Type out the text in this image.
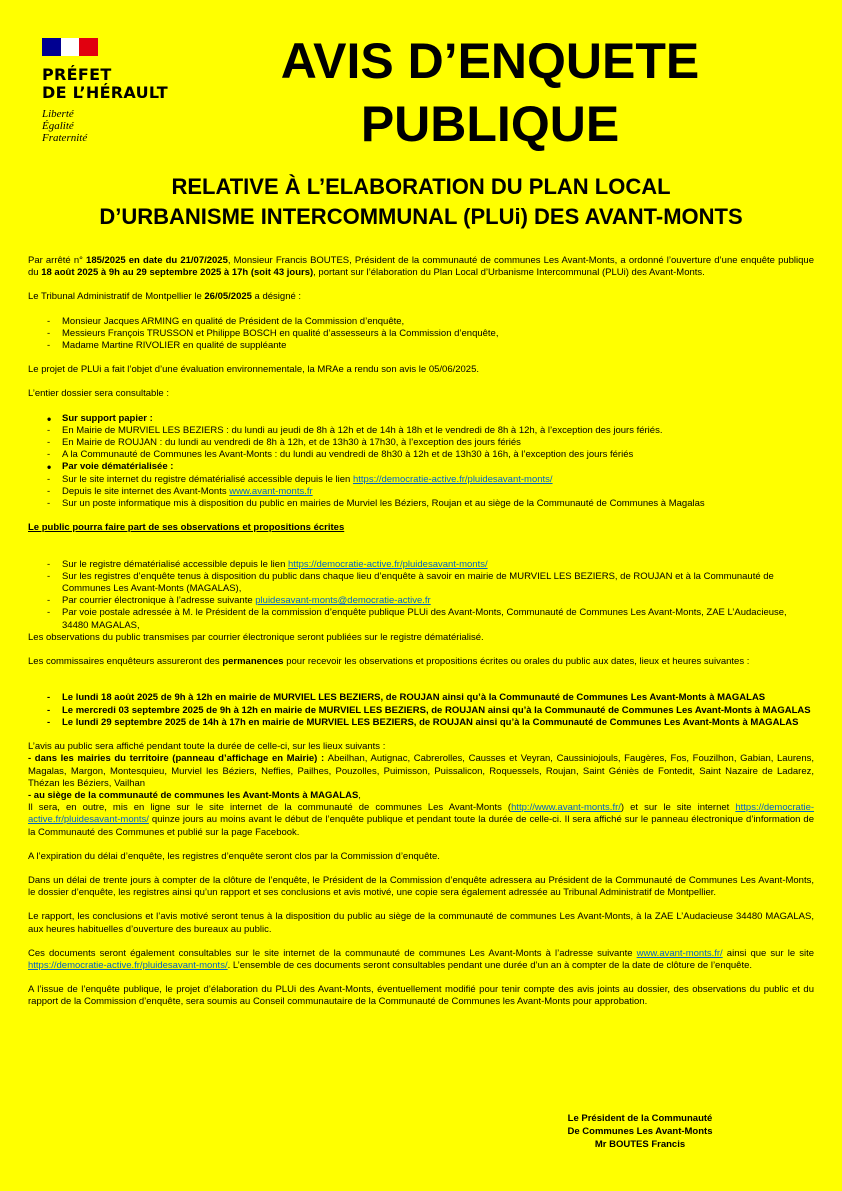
PRÉFET
DE L’HÉRAULT
Liberté
Égalité
Fraternité
AVIS D’ENQUETE
PUBLIQUE
RELATIVE À L’ELABORATION DU PLAN LOCAL
D’URBANISME INTERCOMMUNAL (PLUi) DES AVANT-MONTS

Par arrêté n° 185/2025 en date du 21/07/2025, Monsieur Francis BOUTES, Président de la communauté de communes Les Avant-Monts, a ordonné l’ouverture d’une enquête publique du 18 août 2025 à 9h au 29 septembre 2025 à 17h (soit 43 jours), portant sur l’élaboration du Plan Local d’Urbanisme Intercommunal (PLUi) des Avant-Monts.

Le Tribunal Administratif de Montpellier le 26/05/2025 a désigné :

- Monsieur Jacques ARMING en qualité de Président de la Commission d’enquête,
- Messieurs François TRUSSON et Philippe BOSCH en qualité d’assesseurs à la Commission d’enquête,
- Madame Martine RIVOLIER en qualité de suppléante

Le projet de PLUi a fait l’objet d’une évaluation environnementale, la MRAe a rendu son avis le 05/06/2025.

L’entier dossier sera consultable :

• Sur support papier :
- En Mairie de MURVIEL LES BEZIERS : du lundi au jeudi de 8h à 12h et de 14h à 18h et le vendredi de 8h à 12h, à l’exception des jours fériés.
- En Mairie de ROUJAN : du lundi au vendredi de 8h à 12h, et de 13h30 à 17h30, à l’exception des jours fériés
- A la Communauté de Communes les Avant-Monts : du lundi au vendredi de 8h30 à 12h et de 13h30 à 16h, à l’exception des jours fériés
• Par voie dématérialisée :
- Sur le site internet du registre dématérialisé accessible depuis le lien https://democratie-active.fr/pluidesavant-monts/
- Depuis le site internet des Avant-Monts www.avant-monts.fr
- Sur un poste informatique mis à disposition du public en mairies de Murviel les Béziers, Roujan et au siège de la Communauté de Communes à Magalas

Le public pourra faire part de ses observations et propositions écrites

- Sur le registre dématérialisé accessible depuis le lien https://democratie-active.fr/pluidesavant-monts/
- Sur les registres d’enquête tenus à disposition du public dans chaque lieu d’enquête à savoir en mairie de MURVIEL LES BEZIERS, de ROUJAN et à la Communauté de Communes Les Avant-Monts (MAGALAS),
- Par courrier électronique à l’adresse suivante pluidesavant-monts@democratie-active.fr
- Par voie postale adressée à M. le Président de la commission d’enquête publique PLUi des Avant-Monts, Communauté de Communes Les Avant-Monts, ZAE L’Audacieuse, 34480 MAGALAS,
Les observations du public transmises par courrier électronique seront publiées sur le registre dématérialisé.

Les commissaires enquêteurs assureront des permanences pour recevoir les observations et propositions écrites ou orales du public aux dates, lieux et heures suivantes :

- Le lundi 18 août 2025 de 9h à 12h en mairie de MURVIEL LES BEZIERS, de ROUJAN ainsi qu’à la Communauté de Communes Les Avant-Monts à MAGALAS
- Le mercredi 03 septembre 2025 de 9h à 12h en mairie de MURVIEL LES BEZIERS, de ROUJAN ainsi qu’à la Communauté de Communes Les Avant-Monts à MAGALAS
- Le lundi 29 septembre 2025 de 14h à 17h en mairie de MURVIEL LES BEZIERS, de ROUJAN ainsi qu’à la Communauté de Communes Les Avant-Monts à MAGALAS

L’avis au public sera affiché pendant toute la durée de celle-ci, sur les lieux suivants :
- dans les mairies du territoire (panneau d’affichage en Mairie) : Abeilhan, Autignac, Cabrerolles, Causses et Veyran, Caussiniojouls, Faugères, Fos, Fouzilhon, Gabian, Laurens, Magalas, Margon, Montesquieu, Murviel les Béziers, Neffies, Pailhes, Pouzolles, Puimisson, Puissalicon, Roquessels, Roujan, Saint Géniès de Fontedit, Saint Nazaire de Ladarez, Thézan les Béziers, Vailhan
- au siège de la communauté de communes les Avant-Monts à MAGALAS,
Il sera, en outre, mis en ligne sur le site internet de la communauté de communes Les Avant-Monts (http://www.avant-monts.fr/) et sur le site internet https://democratie-active.fr/pluidesavant-monts/ quinze jours au moins avant le début de l’enquête publique et pendant toute la durée de celle-ci. Il sera affiché sur le panneau électronique d’information de la Communauté des Communes et publié sur la page Facebook.

A l’expiration du délai d’enquête, les registres d’enquête seront clos par la Commission d’enquête.

Dans un délai de trente jours à compter de la clôture de l’enquête, le Président de la Commission d’enquête adressera au Président de la Communauté de Communes Les Avant-Monts, le dossier d’enquête, les registres ainsi qu’un rapport et ses conclusions et avis motivé, une copie sera également adressée au Tribunal Administratif de Montpellier.

Le rapport, les conclusions et l’avis motivé seront tenus à la disposition du public au siège de la communauté de communes Les Avant-Monts, à la ZAE L’Audacieuse 34480 MAGALAS, aux heures habituelles d’ouverture des bureaux au public.

Ces documents seront également consultables sur le site internet de la communauté de communes Les Avant-Monts à l’adresse suivante www.avant-monts.fr/ ainsi que sur le site https://democratie-active.fr/pluidesavant-monts/. L’ensemble de ces documents seront consultables pendant une durée d’un an à compter de la date de clôture de l’enquête.

A l’issue de l’enquête publique, le projet d’élaboration du PLUi des Avant-Monts, éventuellement modifié pour tenir compte des avis joints au dossier, des observations du public et du rapport de la Commission d’enquête, sera soumis au Conseil communautaire de la Communauté de Communes les Avant-Monts pour approbation.

Le Président de la Communauté
De Communes Les Avant-Monts
Mr BOUTES Francis
